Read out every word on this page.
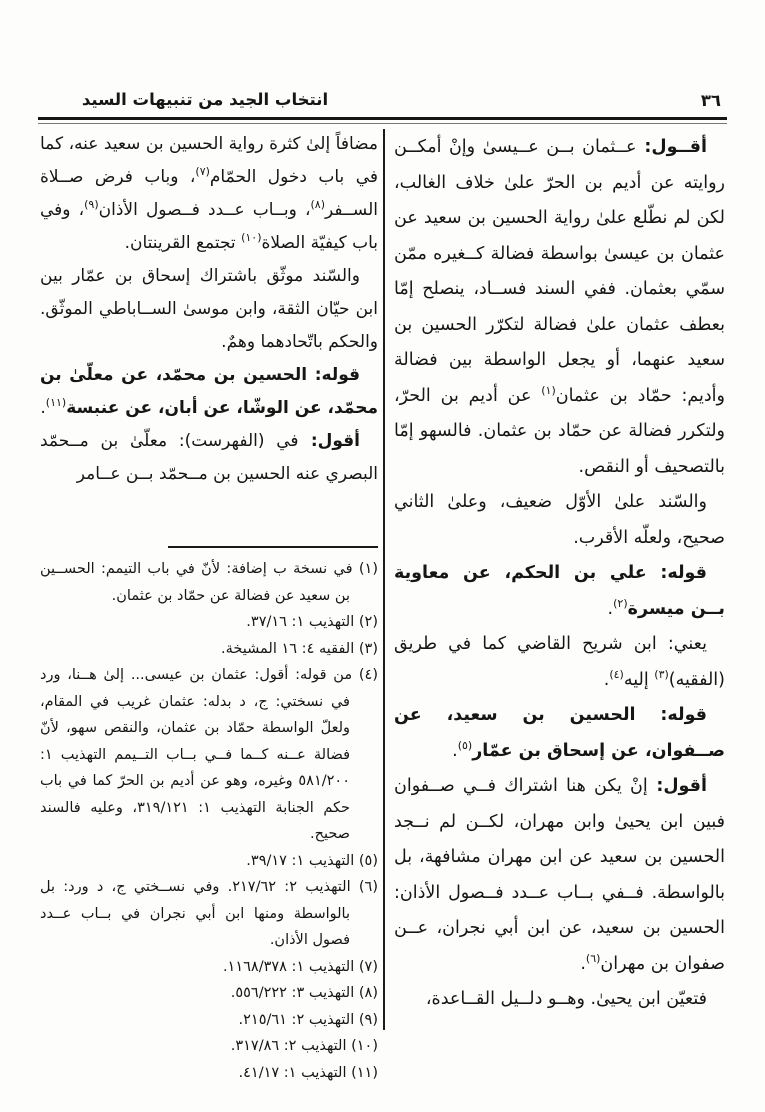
٣٦
انتخاب الجيد من تنبيهات السيد

أقــول: عــثمان بــن عــيسىٰ وإنْ أمكــن روايته عن أديم بن الحرّ علىٰ خلاف الغالب، لكن لم نطّلع علىٰ رواية الحسين بن سعيد عن عثمان بن عيسىٰ بواسطة فضالة كــغيره ممّن سمّي بعثمان. ففي السند فســاد، ينصلح إمّا بعطف عثمان علىٰ فضالة لتكرّر الحسين بن سعيد عنهما، أو يجعل الواسطة بين فضالة وأديم: حمّاد بن عثمان$^{(١)}$ عن أديم بن الحرّ، ولتكرر فضالة عن حمّاد بن عثمان. فالسهو إمّا بالتصحيف أو النقص.

والسّند علىٰ الأوّل ضعيف، وعلىٰ الثاني صحيح، ولعلّه الأقرب.

قوله: علي بن الحكم، عن معاوية بــن ميسرة$^{(٢)}$.

يعني: ابن شريح القاضي كما في طريق (الفقيه)$^{(٣)}$ إليه$^{(٤)}$.

قوله: الحسين بن سعيد، عن صــفوان، عن إسحاق بن عمّار$^{(٥)}$.

أقول: إنْ يكن هنا اشتراك فــي صــفوان فبين ابن يحيىٰ وابن مهران، لكــن لم نــجد الحسين بن سعيد عن ابن مهران مشافهة، بل بالواسطة. فــفي بــاب عــدد فــصول الأذان: الحسين بن سعيد، عن ابن أبي نجران، عــن صفوان بن مهران$^{(٦)}$.

فتعيّن ابن يحيىٰ. وهــو دلــيل القــاعدة،

مضافاً إلىٰ كثرة رواية الحسين بن سعيد عنه، كما في باب دخول الحمّام$^{(٧)}$، وباب فرض صــلاة الســفر$^{(٨)}$، وبــاب عــدد فــصول الأذان$^{(٩)}$، وفي باب كيفيّة الصلاة$^{(١٠)}$ تجتمع القرينتان.

والسّند موثّق باشتراك إسحاق بن عمّار بين ابن حيّان الثقة، وابن موسىٰ الســاباطي الموثّق. والحكم باتّحادهما وهمٌ.

قوله: الحسين بن محمّد، عن معلّىٰ بن محمّد، عن الوشّا، عن أبان، عن عنبسة$^{(١١)}$.

أقول: في (الفهرست): معلّىٰ بن مــحمّد البصري عنه الحسين بن مــحمّد بــن عــامر

(١) في نسخة ب إضافة: لأنّ في باب التيمم: الحســين بن سعيد عن فضالة عن حمّاد بن عثمان.

(٢) التهذيب ١: ٣٧/١٦.

(٣) الفقيه ٤: ١٦ المشيخة.

(٤) من قوله: أقول: عثمان بن عيسى... إلىٰ هــنا، ورد في نسختي: ج، د بدله: عثمان غريب في المقام، ولعلّ الواسطة حمّاد بن عثمان، والنقص سهو، لأنّ فضالة عــنه كــما فــي بــاب التــيمم التهذيب ١: ٥٨١/٢٠٠ وغيره، وهو عن أديم بن الحرّ كما في باب حكم الجنابة التهذيب ١: ٣١٩/١٢١، وعليه فالسند صحيح.

(٥) التهذيب ١: ٣٩/١٧.

(٦) التهذيب ٢: ٢١٧/٦٢. وفي نســختي ج، د ورد: بل بالواسطة ومنها ابن أبي نجران في بــاب عــدد فصول الأذان.

(٧) التهذيب ١: ١١٦٨/٣٧٨.

(٨) التهذيب ٣: ٥٥٦/٢٢٢.

(٩) التهذيب ٢: ٢١٥/٦١.

(١٠) التهذيب ٢: ٣١٧/٨٦.

(١١) التهذيب ١: ٤١/١٧.
